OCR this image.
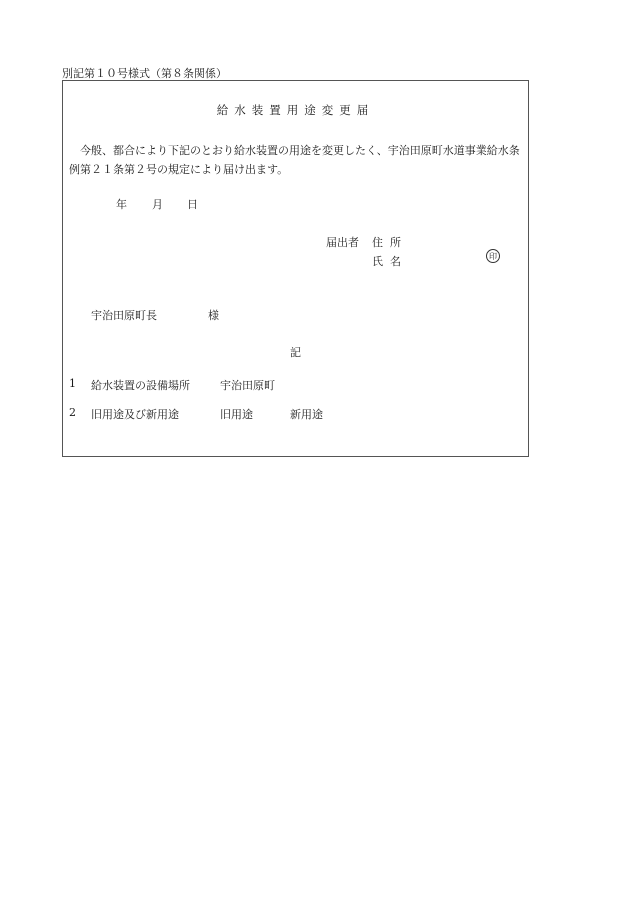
別記第１０号様式（第８条関係）
給水装置用途変更届
今般、都合により下記のとおり給水装置の用途を変更したく、宇治田原町水道事業給水条例第２１条第２号の規定により届け出ます。
年 月 日
届出者 住所
氏名	印
宇治田原町長	様
記
1 給水装置の設備場所	宇治田原町
2 旧用途及び新用途	旧用途	新用途
